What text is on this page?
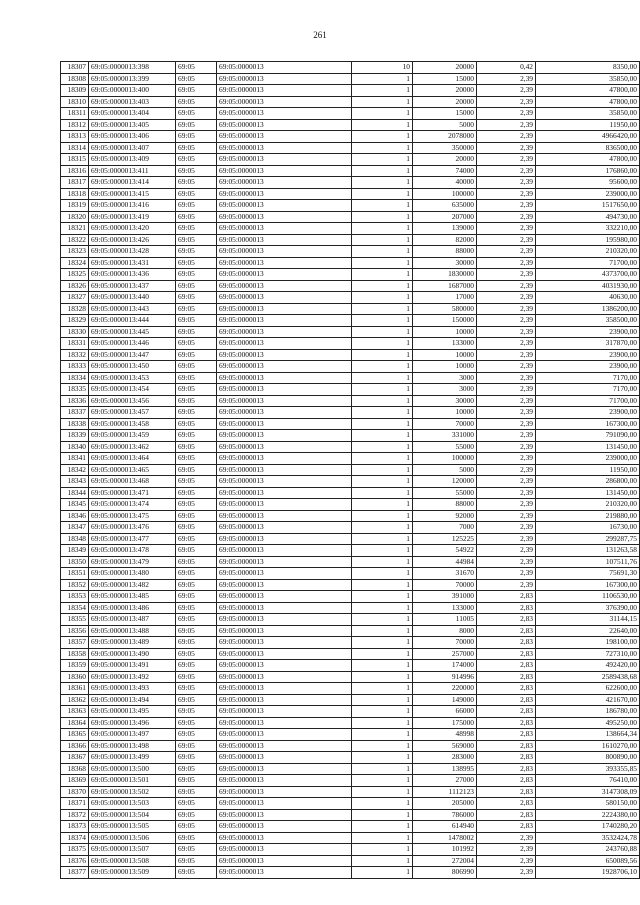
261
18307	69:05:0000013:398	69:05	69:05:0000013	10	20000	0,42	8350,00
18308	69:05:0000013:399	69:05	69:05:0000013	1	15000	2,39	35850,00
18309	69:05:0000013:400	69:05	69:05:0000013	1	20000	2,39	47800,00
18310	69:05:0000013:403	69:05	69:05:0000013	1	20000	2,39	47800,00
18311	69:05:0000013:404	69:05	69:05:0000013	1	15000	2,39	35850,00
18312	69:05:0000013:405	69:05	69:05:0000013	1	5000	2,39	11950,00
18313	69:05:0000013:406	69:05	69:05:0000013	1	2078000	2,39	4966420,00
18314	69:05:0000013:407	69:05	69:05:0000013	1	350000	2,39	836500,00
18315	69:05:0000013:409	69:05	69:05:0000013	1	20000	2,39	47800,00
18316	69:05:0000013:411	69:05	69:05:0000013	1	74000	2,39	176860,00
18317	69:05:0000013:414	69:05	69:05:0000013	1	40000	2,39	95600,00
18318	69:05:0000013:415	69:05	69:05:0000013	1	100000	2,39	239000,00
18319	69:05:0000013:416	69:05	69:05:0000013	1	635000	2,39	1517650,00
18320	69:05:0000013:419	69:05	69:05:0000013	1	207000	2,39	494730,00
18321	69:05:0000013:420	69:05	69:05:0000013	1	139000	2,39	332210,00
18322	69:05:0000013:426	69:05	69:05:0000013	1	82000	2,39	195980,00
18323	69:05:0000013:428	69:05	69:05:0000013	1	88000	2,39	210320,00
18324	69:05:0000013:431	69:05	69:05:0000013	1	30000	2,39	71700,00
18325	69:05:0000013:436	69:05	69:05:0000013	1	1830000	2,39	4373700,00
18326	69:05:0000013:437	69:05	69:05:0000013	1	1687000	2,39	4031930,00
18327	69:05:0000013:440	69:05	69:05:0000013	1	17000	2,39	40630,00
18328	69:05:0000013:443	69:05	69:05:0000013	1	580000	2,39	1386200,00
18329	69:05:0000013:444	69:05	69:05:0000013	1	150000	2,39	358500,00
18330	69:05:0000013:445	69:05	69:05:0000013	1	10000	2,39	23900,00
18331	69:05:0000013:446	69:05	69:05:0000013	1	133000	2,39	317870,00
18332	69:05:0000013:447	69:05	69:05:0000013	1	10000	2,39	23900,00
18333	69:05:0000013:450	69:05	69:05:0000013	1	10000	2,39	23900,00
18334	69:05:0000013:453	69:05	69:05:0000013	1	3000	2,39	7170,00
18335	69:05:0000013:454	69:05	69:05:0000013	1	3000	2,39	7170,00
18336	69:05:0000013:456	69:05	69:05:0000013	1	30000	2,39	71700,00
18337	69:05:0000013:457	69:05	69:05:0000013	1	10000	2,39	23900,00
18338	69:05:0000013:458	69:05	69:05:0000013	1	70000	2,39	167300,00
18339	69:05:0000013:459	69:05	69:05:0000013	1	331000	2,39	791090,00
18340	69:05:0000013:462	69:05	69:05:0000013	1	55000	2,39	131450,00
18341	69:05:0000013:464	69:05	69:05:0000013	1	100000	2,39	239000,00
18342	69:05:0000013:465	69:05	69:05:0000013	1	5000	2,39	11950,00
18343	69:05:0000013:468	69:05	69:05:0000013	1	120000	2,39	286800,00
18344	69:05:0000013:471	69:05	69:05:0000013	1	55000	2,39	131450,00
18345	69:05:0000013:474	69:05	69:05:0000013	1	88000	2,39	210320,00
18346	69:05:0000013:475	69:05	69:05:0000013	1	92000	2,39	219880,00
18347	69:05:0000013:476	69:05	69:05:0000013	1	7000	2,39	16730,00
18348	69:05:0000013:477	69:05	69:05:0000013	1	125225	2,39	299287,75
18349	69:05:0000013:478	69:05	69:05:0000013	1	54922	2,39	131263,58
18350	69:05:0000013:479	69:05	69:05:0000013	1	44984	2,39	107511,76
18351	69:05:0000013:480	69:05	69:05:0000013	1	31670	2,39	75691,30
18352	69:05:0000013:482	69:05	69:05:0000013	1	70000	2,39	167300,00
18353	69:05:0000013:485	69:05	69:05:0000013	1	391000	2,83	1106530,00
18354	69:05:0000013:486	69:05	69:05:0000013	1	133000	2,83	376390,00
18355	69:05:0000013:487	69:05	69:05:0000013	1	11005	2,83	31144,15
18356	69:05:0000013:488	69:05	69:05:0000013	1	8000	2,83	22640,00
18357	69:05:0000013:489	69:05	69:05:0000013	1	70000	2,83	198100,00
18358	69:05:0000013:490	69:05	69:05:0000013	1	257000	2,83	727310,00
18359	69:05:0000013:491	69:05	69:05:0000013	1	174000	2,83	492420,00
18360	69:05:0000013:492	69:05	69:05:0000013	1	914996	2,83	2589438,68
18361	69:05:0000013:493	69:05	69:05:0000013	1	220000	2,83	622600,00
18362	69:05:0000013:494	69:05	69:05:0000013	1	149000	2,83	421670,00
18363	69:05:0000013:495	69:05	69:05:0000013	1	66000	2,83	186780,00
18364	69:05:0000013:496	69:05	69:05:0000013	1	175000	2,83	495250,00
18365	69:05:0000013:497	69:05	69:05:0000013	1	48998	2,83	138664,34
18366	69:05:0000013:498	69:05	69:05:0000013	1	569000	2,83	1610270,00
18367	69:05:0000013:499	69:05	69:05:0000013	1	283000	2,83	800890,00
18368	69:05:0000013:500	69:05	69:05:0000013	1	138995	2,83	393355,85
18369	69:05:0000013:501	69:05	69:05:0000013	1	27000	2,83	76410,00
18370	69:05:0000013:502	69:05	69:05:0000013	1	1112123	2,83	3147308,09
18371	69:05:0000013:503	69:05	69:05:0000013	1	205000	2,83	580150,00
18372	69:05:0000013:504	69:05	69:05:0000013	1	786000	2,83	2224380,00
18373	69:05:0000013:505	69:05	69:05:0000013	1	614940	2,83	1740280,20
18374	69:05:0000013:506	69:05	69:05:0000013	1	1478002	2,39	3532424,78
18375	69:05:0000013:507	69:05	69:05:0000013	1	101992	2,39	243760,88
18376	69:05:0000013:508	69:05	69:05:0000013	1	272004	2,39	650089,56
18377	69:05:0000013:509	69:05	69:05:0000013	1	806990	2,39	1928706,10
